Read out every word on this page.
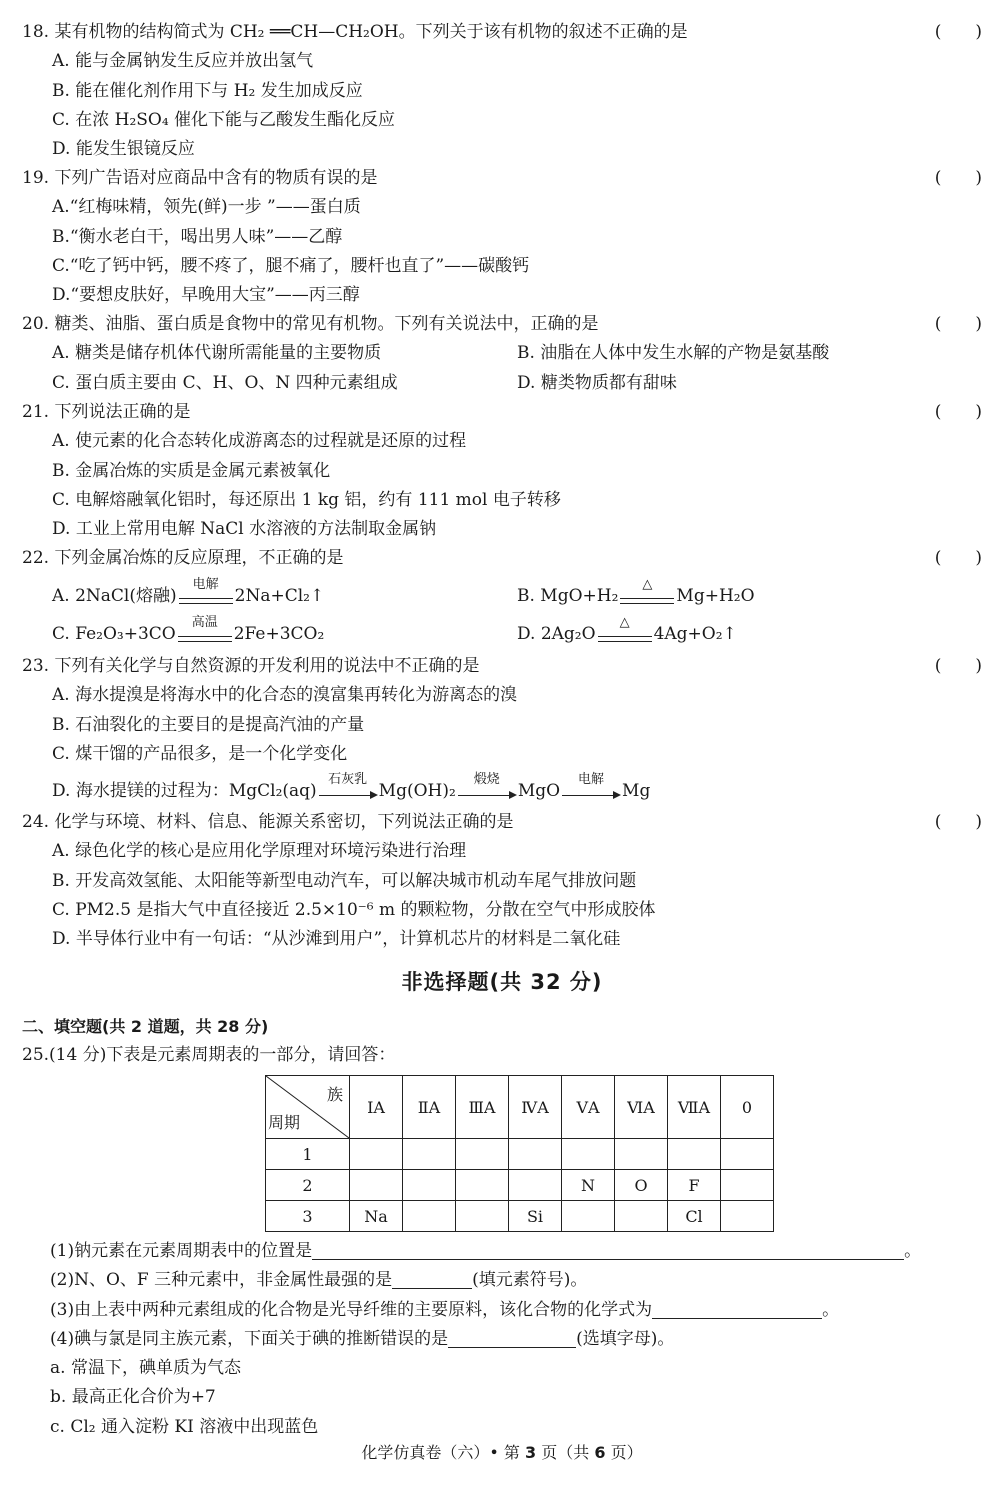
18. 某有机物的结构简式为 CH₂ ══CH—CH₂OH。下列关于该有机物的叙述不正确的是	(　　)
A. 能与金属钠发生反应并放出氢气
B. 能在催化剂作用下与 H₂ 发生加成反应
C. 在浓 H₂SO₄ 催化下能与乙酸发生酯化反应
D. 能发生银镜反应
19. 下列广告语对应商品中含有的物质有误的是	(　　)
A.“红梅味精，领先(鲜)一步 ”——蛋白质
B.“衡水老白干，喝出男人味”——乙醇
C.“吃了钙中钙，腰不疼了，腿不痛了，腰杆也直了”——碳酸钙
D.“要想皮肤好，早晚用大宝”——丙三醇
20. 糖类、油脂、蛋白质是食物中的常见有机物。下列有关说法中，正确的是	(　　)
A. 糖类是储存机体代谢所需能量的主要物质	B. 油脂在人体中发生水解的产物是氨基酸
C. 蛋白质主要由 C、H、O、N 四种元素组成	D. 糖类物质都有甜味
21. 下列说法正确的是	(　　)
A. 使元素的化合态转化成游离态的过程就是还原的过程
B. 金属冶炼的实质是金属元素被氧化
C. 电解熔融氧化铝时，每还原出 1 kg 铝，约有 111 mol 电子转移
D. 工业上常用电解 NaCl 水溶液的方法制取金属钠
22. 下列金属冶炼的反应原理，不正确的是	(　　)
A. 2NaCl(熔融)
电解
2Na+Cl₂↑	B. MgO+H₂
△
Mg+H₂O
C. Fe₂O₃+3CO
高温
2Fe+3CO₂	D. 2Ag₂O
△
4Ag+O₂↑
23. 下列有关化学与自然资源的开发利用的说法中不正确的是	(　　)
A. 海水提溴是将海水中的化合态的溴富集再转化为游离态的溴
B. 石油裂化的主要目的是提高汽油的产量
C. 煤干馏的产品很多，是一个化学变化
D. 海水提镁的过程为：MgCl₂(aq)
石灰乳
Mg(OH)₂
煅烧
MgO
电解
Mg
24. 化学与环境、材料、信息、能源关系密切，下列说法正确的是	(　　)
A. 绿色化学的核心是应用化学原理对环境污染进行治理
B. 开发高效氢能、太阳能等新型电动汽车，可以解决城市机动车尾气排放问题
C. PM2.5 是指大气中直径接近 2.5×10⁻⁶ m 的颗粒物，分散在空气中形成胶体
D. 半导体行业中有一句话：“从沙滩到用户”，计算机芯片的材料是二氧化硅
非选择题(共 32 分)
二、填空题(共 2 道题，共 28 分)
25.(14 分)下表是元素周期表的一部分，请回答：
族
周期	ⅠA	ⅡA	ⅢA	ⅣA	ⅤA	ⅥA	ⅦA	0
1								
2					N	O	F	
3	Na			Si			Cl	
(1)钠元素在元素周期表中的位置是	。
(2)N、O、F 三种元素中，非金属性最强的是	(填元素符号)。
(3)由上表中两种元素组成的化合物是光导纤维的主要原料，该化合物的化学式为	。
(4)碘与氯是同主族元素，下面关于碘的推断错误的是	(选填字母)。
a. 常温下，碘单质为气态
b. 最高正化合价为+7
c. Cl₂ 通入淀粉 KI 溶液中出现蓝色
化学仿真卷（六）• 第 3 页（共 6 页）
